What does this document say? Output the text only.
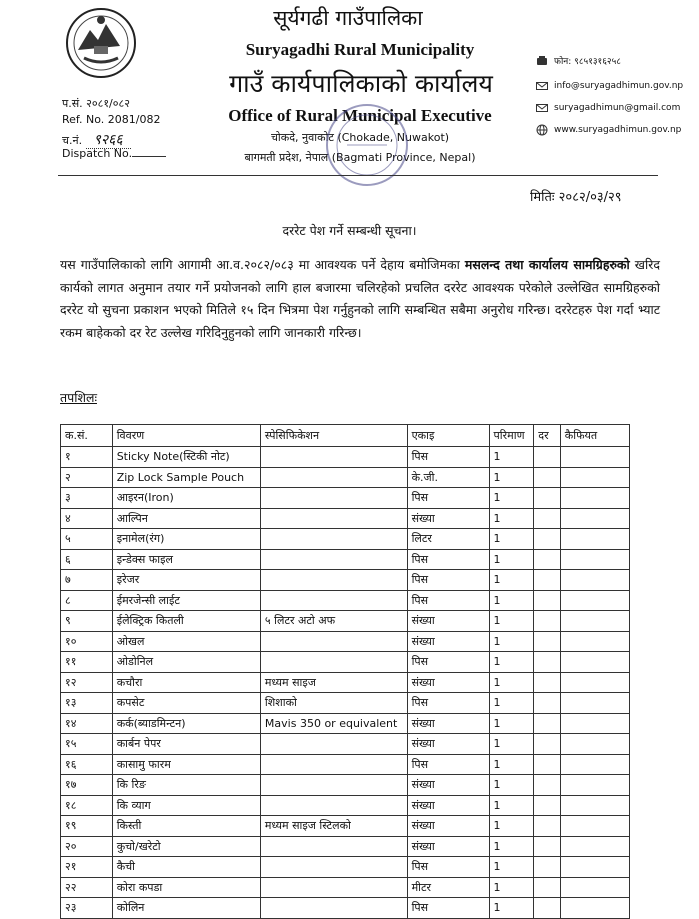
सूर्यगढी गाउँपालिका
Suryagadhi Rural Municipality
गाउँ कार्यपालिकाको कार्यालय
Office of Rural Municipal Executive
चोकदे, नुवाकोट (Chokade, Nuwakot)
बागमती प्रदेश, नेपाल (Bagmati Province, Nepal)
प.सं. २०८१/०८२
Ref. No. 2081/082
च.नं. ९२६६
Dispatch No.
फोन: ९८५१३१६२५८
info@suryagadhimun.gov.np
suryagadhimun@gmail.com
www.suryagadhimun.gov.np
मितिः २०८२/०३/२९
दररेट पेश गर्ने सम्बन्धी सूचना।
यस गाउँपालिकाको लागि आगामी आ.व.२०८२/०८३ मा आवश्यक पर्ने देहाय बमोजिमका मसलन्द तथा कार्यालय सामग्रिहरुको खरिद कार्यको लागत अनुमान तयार गर्ने प्रयोजनको लागि हाल बजारमा चलिरहेको प्रचलित दररेट आवश्यक परेकोले उल्लेखित सामग्रिहरुको दररेट यो सुचना प्रकाशन भएको मितिले १५ दिन भित्रमा पेश गर्नुहुनको लागि सम्बन्धित सबैमा अनुरोध गरिन्छ। दररेटहरु पेश गर्दा भ्याट रकम बाहेकको दर रेट उल्लेख गरिदिनुहुनको लागि जानकारी गरिन्छ।
तपशिलः
क.सं.	विवरण	स्पेसिफिकेशन	एकाइ	परिमाण	दर	कैफियत
१	Sticky Note(स्टिकी नोट)		पिस	1		
२	Zip Lock Sample Pouch		के.जी.	1		
३	आइरन(Iron)		पिस	1		
४	आल्पिन		संख्या	1		
५	इनामेल(रंग)		लिटर	1		
६	इन्डेक्स फाइल		पिस	1		
७	इरेजर		पिस	1		
८	ईमरजेन्सी लाईट		पिस	1		
९	ईलेक्ट्रिक कितली	५ लिटर अटो अफ	संख्या	1		
१०	ओखल		संख्या	1		
११	ओडोनिल		पिस	1		
१२	कचौरा	मध्यम साइज	संख्या	1		
१३	कपसेट	शिशाको	पिस	1		
१४	कर्क(ब्याडमिन्टन)	Mavis 350 or equivalent	संख्या	1		
१५	कार्बन पेपर		संख्या	1		
१६	कासामु फारम		पिस	1		
१७	कि रिङ		संख्या	1		
१८	कि व्याग		संख्या	1		
१९	किस्ती	मध्यम साइज स्टिलको	संख्या	1		
२०	कुचो/खरेटो		संख्या	1		
२१	कैची		पिस	1		
२२	कोरा कपडा		मीटर	1		
२३	कोलिन		पिस	1		
